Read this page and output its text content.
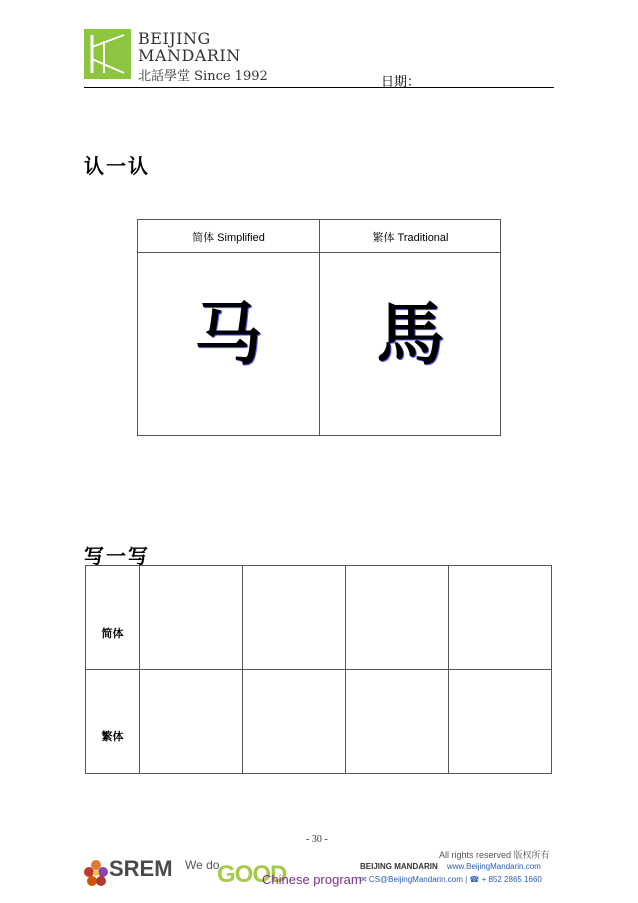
BEIJING
MANDARIN
北話學堂 Since 1992	日期：
认一认
简体 Simplified	繁体 Traditional
马	馬
写一写
简体
繁体
- 30 -
All rights reserved 版权所有
SREM We do
GOOD
Chinese program
BEIJING MANDARIN www.BeijingMandarin.com
✉ CS@BeijingMandarin.com | ☎ + 852 2865 1660
